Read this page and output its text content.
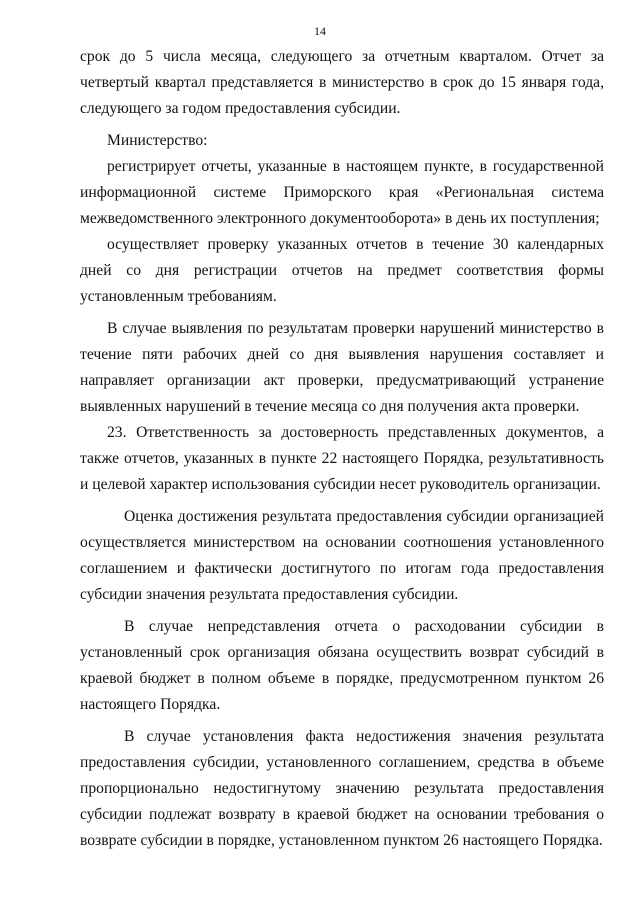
14

срок до 5 числа месяца, следующего за отчетным кварталом. Отчет за четвертый квартал представляется в министерство в срок до 15 января года, следующего за годом предоставления субсидии.

Министерство:

регистрирует отчеты, указанные в настоящем пункте, в государственной информационной системе Приморского края «Региональная система межведомственного электронного документооборота» в день их поступления;

осуществляет проверку указанных отчетов в течение 30 календарных дней со дня регистрации отчетов на предмет соответствия формы установленным требованиям.

В случае выявления по результатам проверки нарушений министерство в течение пяти рабочих дней со дня выявления нарушения составляет и направляет организации акт проверки, предусматривающий устранение выявленных нарушений в течение месяца со дня получения акта проверки.

23. Ответственность за достоверность представленных документов, а также отчетов, указанных в пункте 22 настоящего Порядка, результативность и целевой характер использования субсидии несет руководитель организации.

Оценка достижения результата предоставления субсидии организацией осуществляется министерством на основании соотношения установленного соглашением и фактически достигнутого по итогам года предоставления субсидии значения результата предоставления субсидии.

В случае непредставления отчета о расходовании субсидии в установленный срок организация обязана осуществить возврат субсидий в краевой бюджет в полном объеме в порядке, предусмотренном пунктом 26 настоящего Порядка.

В случае установления факта недостижения значения результата предоставления субсидии, установленного соглашением, средства в объеме пропорционально недостигнутому значению результата предоставления субсидии подлежат возврату в краевой бюджет на основании требования о возврате субсидии в порядке, установленном пунктом 26 настоящего Порядка.
